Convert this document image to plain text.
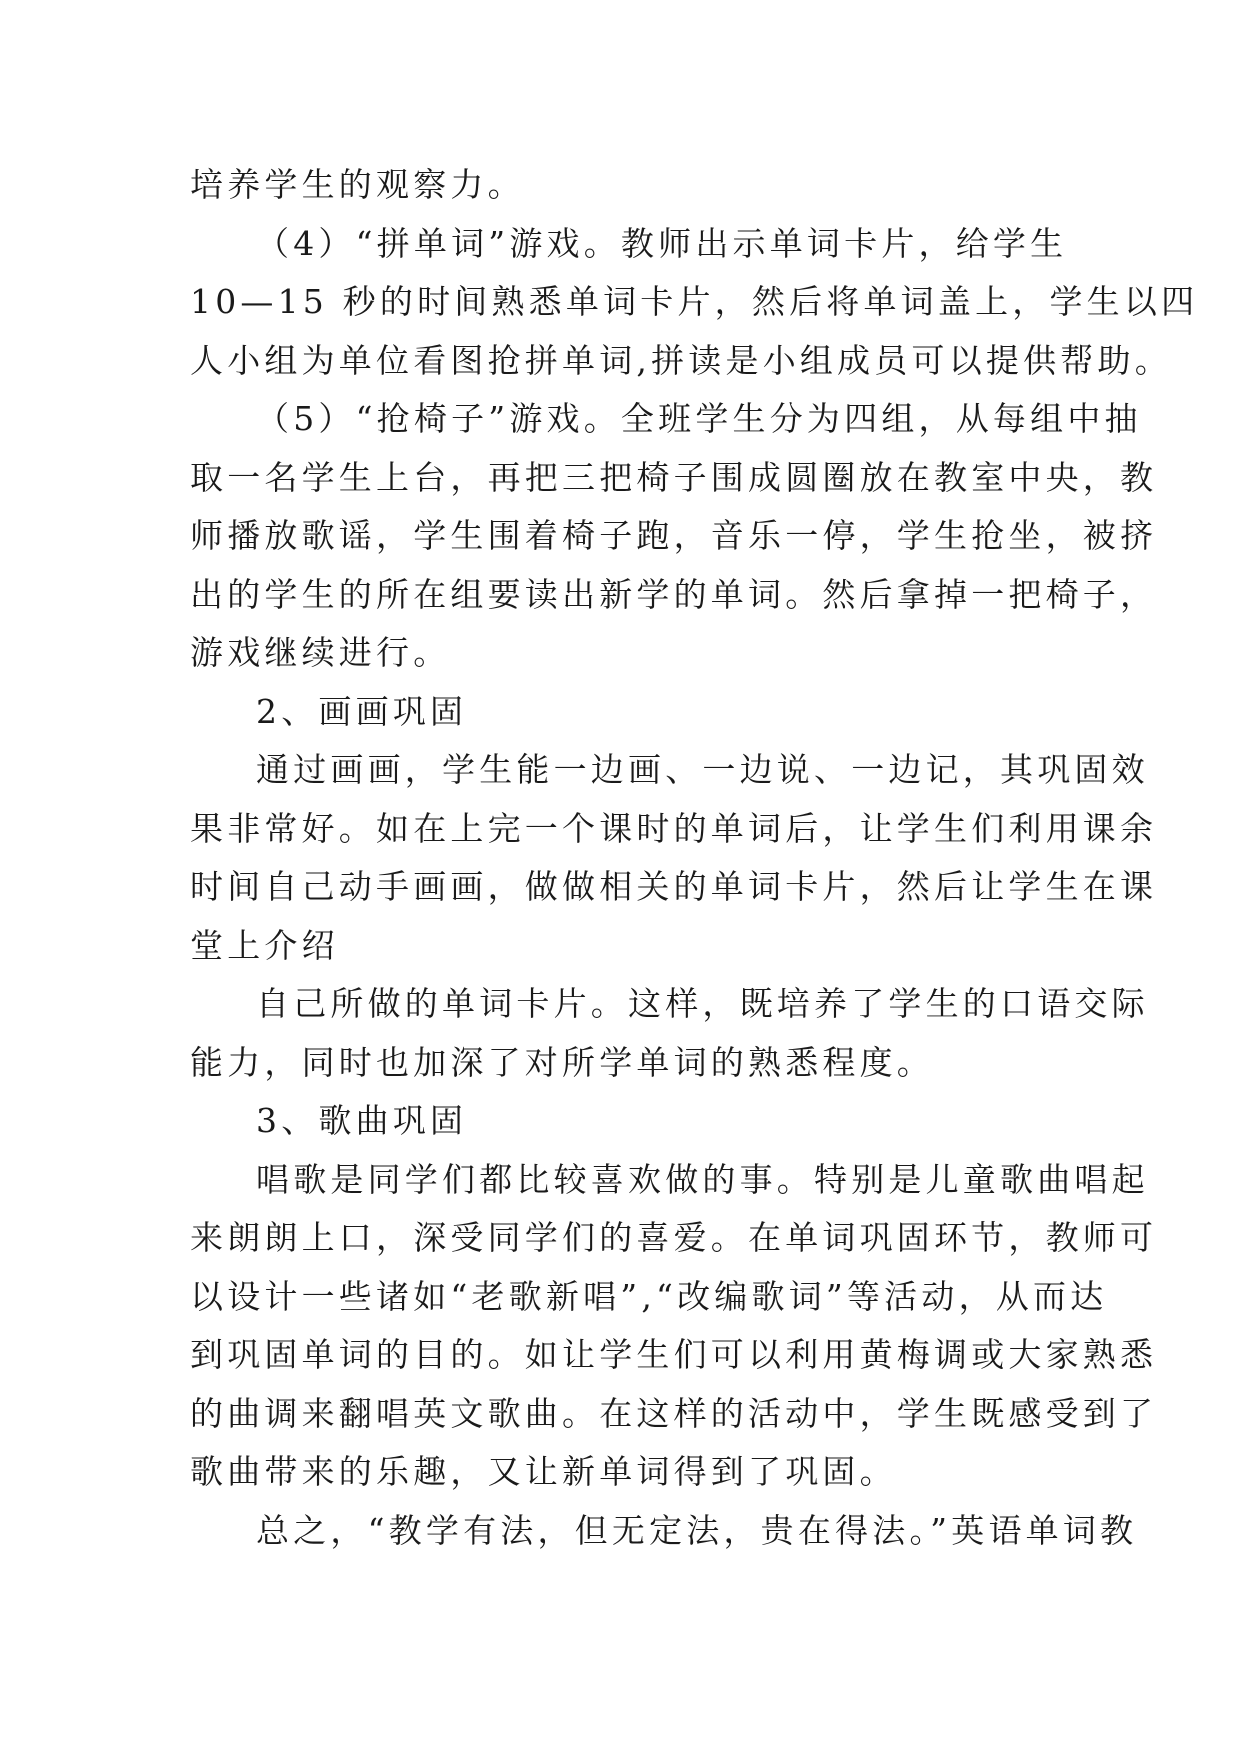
培养学生的观察力。
（4）“拼单词”游戏。教师出示单词卡片，给学生
10—15 秒的时间熟悉单词卡片，然后将单词盖上，学生以四
人小组为单位看图抢拼单词,拼读是小组成员可以提供帮助。
（5）“抢椅子”游戏。全班学生分为四组，从每组中抽
取一名学生上台，再把三把椅子围成圆圈放在教室中央，教
师播放歌谣，学生围着椅子跑，音乐一停，学生抢坐，被挤
出的学生的所在组要读出新学的单词。然后拿掉一把椅子，
游戏继续进行。
2、画画巩固
通过画画，学生能一边画、一边说、一边记，其巩固效
果非常好。如在上完一个课时的单词后，让学生们利用课余
时间自己动手画画，做做相关的单词卡片，然后让学生在课
堂上介绍
自己所做的单词卡片。这样，既培养了学生的口语交际
能力，同时也加深了对所学单词的熟悉程度。
3、歌曲巩固
唱歌是同学们都比较喜欢做的事。特别是儿童歌曲唱起
来朗朗上口，深受同学们的喜爱。在单词巩固环节，教师可
以设计一些诸如“老歌新唱”,“改编歌词”等活动，从而达
到巩固单词的目的。如让学生们可以利用黄梅调或大家熟悉
的曲调来翻唱英文歌曲。在这样的活动中，学生既感受到了
歌曲带来的乐趣，又让新单词得到了巩固。
总之，“教学有法，但无定法，贵在得法。”英语单词教
